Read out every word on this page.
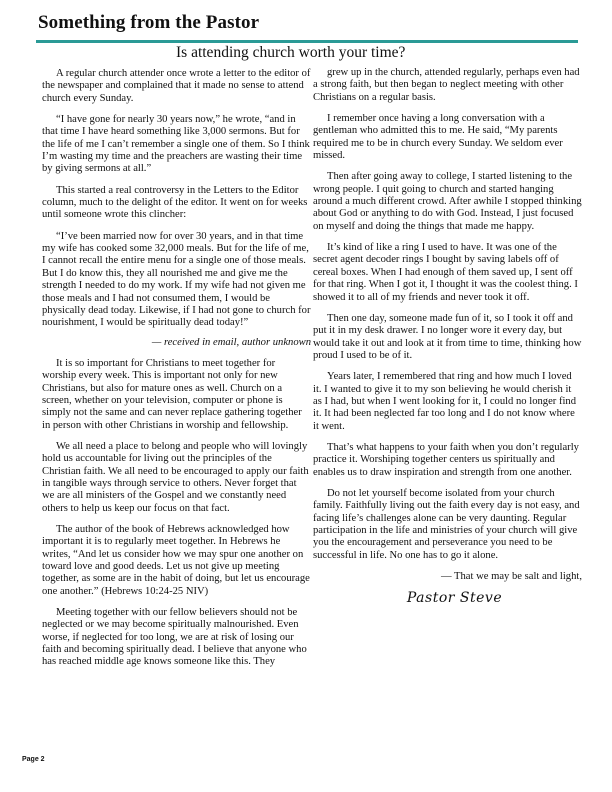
Something from the Pastor
Is attending church worth your time?

A regular church attender once wrote a letter to the editor of the newspaper and complained that it made no sense to attend church every Sunday.

“I have gone for nearly 30 years now,” he wrote, “and in that time I have heard something like 3,000 sermons. But for the life of me I can’t remember a single one of them. So I think I’m wasting my time and the preachers are wasting their time by giving sermons at all.”

This started a real controversy in the Letters to the Editor column, much to the delight of the editor. It went on for weeks until someone wrote this clincher:

“I’ve been married now for over 30 years, and in that time my wife has cooked some 32,000 meals. But for the life of me, I cannot recall the entire menu for a single one of those meals. But I do know this, they all nourished me and give me the strength I needed to do my work. If my wife had not given me those meals and I had not consumed them, I would be physically dead today. Likewise, if I had not gone to church for nourishment, I would be spiritually dead today!”

— received in email, author unknown

It is so important for Christians to meet together for worship every week. This is important not only for new Christians, but also for mature ones as well. Church on a screen, whether on your television, computer or phone is simply not the same and can never replace gathering together in person with other Christians in worship and fellowship.

We all need a place to belong and people who will lovingly hold us accountable for living out the principles of the Christian faith. We all need to be encouraged to apply our faith in tangible ways through service to others. Never forget that we are all ministers of the Gospel and we constantly need others to help us keep our focus on that fact.

The author of the book of Hebrews acknowledged how important it is to regularly meet together. In Hebrews he writes, “And let us consider how we may spur one another on toward love and good deeds. Let us not give up meeting together, as some are in the habit of doing, but let us encourage one another.” (Hebrews 10:24-25 NIV)

Meeting together with our fellow believers should not be neglected or we may become spiritually malnourished. Even worse, if neglected for too long, we are at risk of losing our faith and becoming spiritually dead. I believe that anyone who has reached middle age knows someone like this. They

grew up in the church, attended regularly, perhaps even had a strong faith, but then began to neglect meeting with other Christians on a regular basis.

I remember once having a long conversation with a gentleman who admitted this to me. He said, “My parents required me to be in church every Sunday. We seldom ever missed.

Then after going away to college, I started listening to the wrong people. I quit going to church and started hanging around a much different crowd. After awhile I stopped thinking about God or anything to do with God. Instead, I just focused on myself and doing the things that made me happy.

It’s kind of like a ring I used to have. It was one of the secret agent decoder rings I bought by saving labels off of cereal boxes. When I had enough of them saved up, I sent off for that ring. When I got it, I thought it was the coolest thing. I showed it to all of my friends and never took it off.

Then one day, someone made fun of it, so I took it off and put it in my desk drawer. I no longer wore it every day, but would take it out and look at it from time to time, thinking how proud I used to be of it.

Years later, I remembered that ring and how much I loved it. I wanted to give it to my son believing he would cherish it as I had, but when I went looking for it, I could no longer find it. It had been neglected far too long and I do not know where it went.

That’s what happens to your faith when you don’t regularly practice it. Worshiping together centers us spiritually and enables us to draw inspiration and strength from one another.

Do not let yourself become isolated from your church family. Faithfully living out the faith every day is not easy, and facing life’s challenges alone can be very daunting. Regular participation in the life and ministries of your church will give you the encouragement and perseverance you need to be successful in life. No one has to go it alone.

— That we may be salt and light,

Pastor Steve

Page 2
